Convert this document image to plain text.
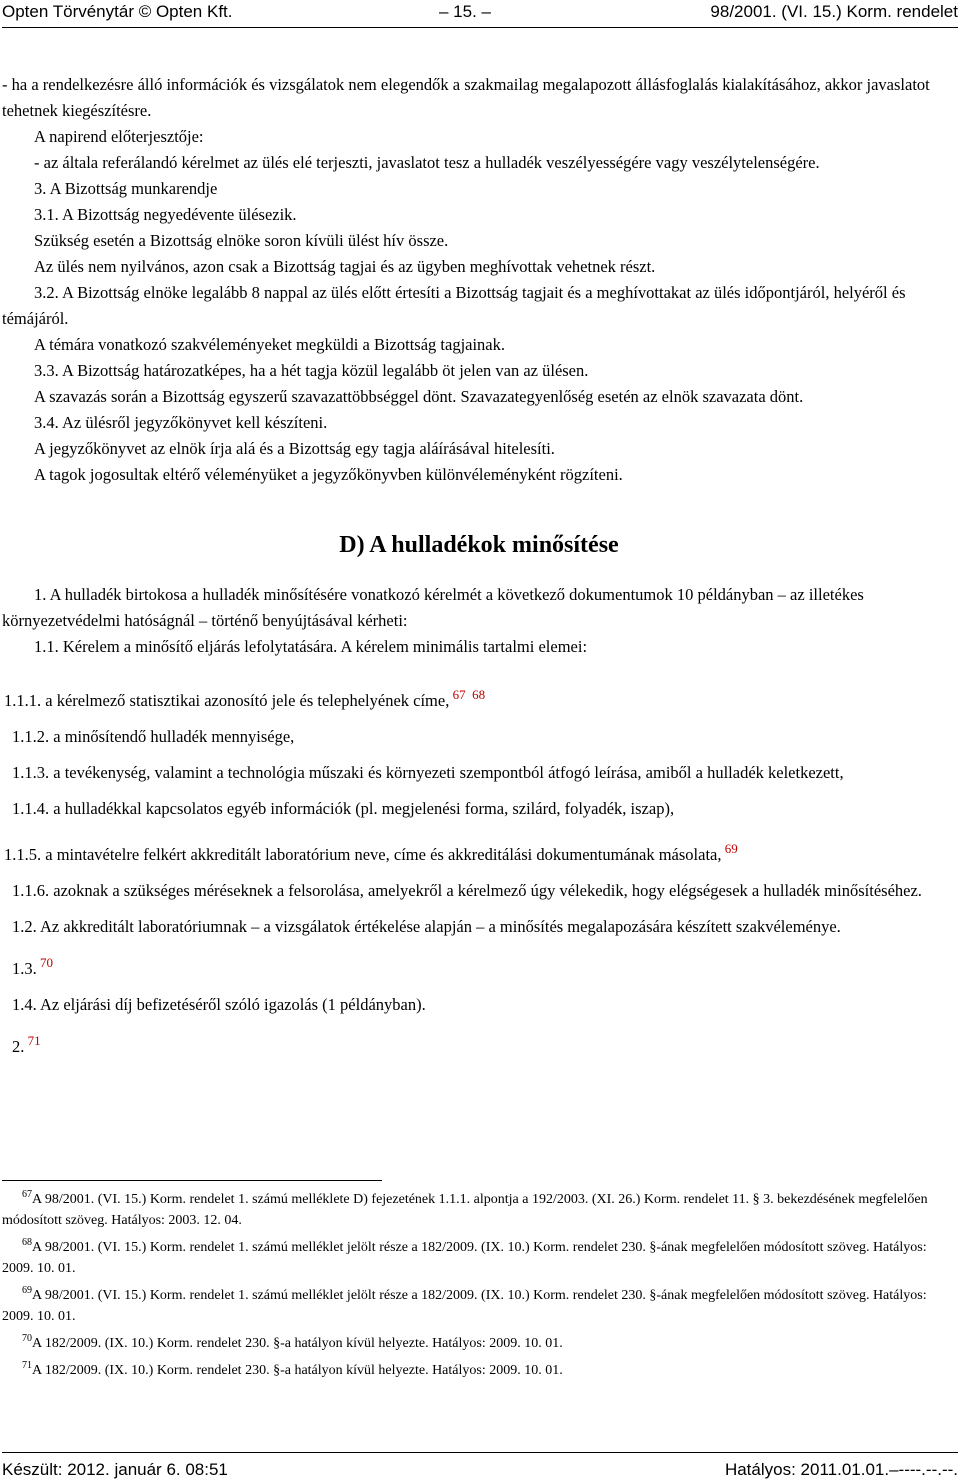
Opten Törvénytár © Opten Kft.	– 15. –	98/2001. (VI. 15.) Korm. rendelet

- ha a rendelkezésre álló információk és vizsgálatok nem elegendők a szakmailag megalapozott állásfoglalás kialakításához, akkor javaslatot tehetnek kiegészítésre.

A napirend előterjesztője:

- az általa referálandó kérelmet az ülés elé terjeszti, javaslatot tesz a hulladék veszélyességére vagy veszélytelenségére.

3. A Bizottság munkarendje

3.1. A Bizottság negyedévente ülésezik.

Szükség esetén a Bizottság elnöke soron kívüli ülést hív össze.

Az ülés nem nyilvános, azon csak a Bizottság tagjai és az ügyben meghívottak vehetnek részt.

3.2. A Bizottság elnöke legalább 8 nappal az ülés előtt értesíti a Bizottság tagjait és a meghívottakat az ülés időpontjáról, helyéről és témájáról.

A témára vonatkozó szakvéleményeket megküldi a Bizottság tagjainak.

3.3. A Bizottság határozatképes, ha a hét tagja közül legalább öt jelen van az ülésen.

A szavazás során a Bizottság egyszerű szavazattöbbséggel dönt. Szavazategyenlőség esetén az elnök szavazata dönt.

3.4. Az ülésről jegyzőkönyvet kell készíteni.

A jegyzőkönyvet az elnök írja alá és a Bizottság egy tagja aláírásával hitelesíti.

A tagok jogosultak eltérő véleményüket a jegyzőkönyvben különvéleményként rögzíteni.

D) A hulladékok minősítése

1. A hulladék birtokosa a hulladék minősítésére vonatkozó kérelmét a következő dokumentumok 10 példányban – az illetékes környezetvédelmi hatóságnál – történő benyújtásával kérheti:

1.1. Kérelem a minősítő eljárás lefolytatására. A kérelem minimális tartalmi elemei:

1.1.1. a kérelmező statisztikai azonosító jele és telephelyének címe, $^{67 68}$

1.1.2. a minősítendő hulladék mennyisége,

1.1.3. a tevékenység, valamint a technológia műszaki és környezeti szempontból átfogó leírása, amiből a hulladék keletkezett,

1.1.4. a hulladékkal kapcsolatos egyéb információk (pl. megjelenési forma, szilárd, folyadék, iszap),

1.1.5. a mintavételre felkért akkreditált laboratórium neve, címe és akkreditálási dokumentumának másolata, $^{69}$

1.1.6. azoknak a szükséges méréseknek a felsorolása, amelyekről a kérelmező úgy vélekedik, hogy elégségesek a hulladék minősítéséhez.

1.2. Az akkreditált laboratóriumnak – a vizsgálatok értékelése alapján – a minősítés megalapozására készített szakvéleménye.

1.3. $^{70}$

1.4. Az eljárási díj befizetéséről szóló igazolás (1 példányban).

2. $^{71}$

$^{67}$A 98/2001. (VI. 15.) Korm. rendelet 1. számú melléklete D) fejezetének 1.1.1. alpontja a 192/2003. (XI. 26.) Korm. rendelet 11. § 3. bekezdésének megfelelően módosított szöveg. Hatályos: 2003. 12. 04.

$^{68}$A 98/2001. (VI. 15.) Korm. rendelet 1. számú melléklet jelölt része a 182/2009. (IX. 10.) Korm. rendelet 230. §-ának megfelelően módosított szöveg. Hatályos: 2009. 10. 01.

$^{69}$A 98/2001. (VI. 15.) Korm. rendelet 1. számú melléklet jelölt része a 182/2009. (IX. 10.) Korm. rendelet 230. §-ának megfelelően módosított szöveg. Hatályos: 2009. 10. 01.

$^{70}$A 182/2009. (IX. 10.) Korm. rendelet 230. §-a hatályon kívül helyezte. Hatályos: 2009. 10. 01.

$^{71}$A 182/2009. (IX. 10.) Korm. rendelet 230. §-a hatályon kívül helyezte. Hatályos: 2009. 10. 01.

Készült: 2012. január 6. 08:51	Hatályos: 2011.01.01.–----.--.--.
